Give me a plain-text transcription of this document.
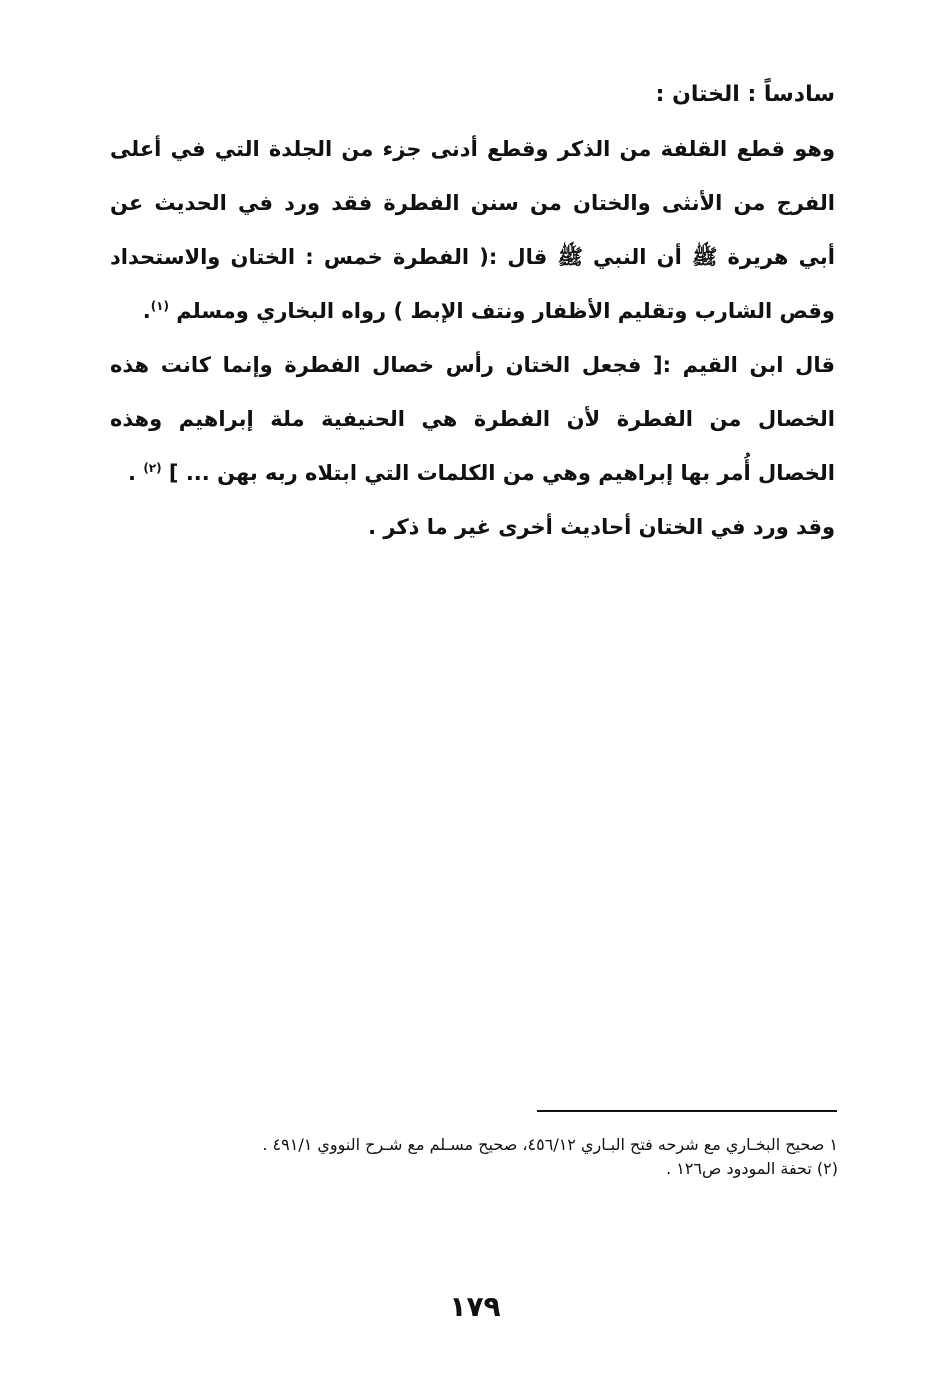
سادساً : الختان :

وهو قطع القلفة من الذكر وقطع أدنى جزء من الجلدة التي في أعلى الفرج من الأنثى والختان من سنن الفطرة فقد ورد في الحديث عن أبي هريرة ﷺ أن النبي ﷺ قال :( الفطرة خمس : الختان والاستحداد وقص الشارب وتقليم الأظفار ونتف الإبط ) رواه البخاري ومسلم $^{(١)}$.

قال ابن القيم :[ فجعل الختان رأس خصال الفطرة وإنما كانت هذه الخصال من الفطرة لأن الفطرة هي الحنيفية ملة إبراهيم وهذه الخصال أُمر بها إبراهيم وهي من الكلمات التي ابتلاه ربه بهن ... ] $^{(٢)}$ .

وقد ورد في الختان أحاديث أخرى غير ما ذكر .

١ صحيح البخـاري مع شرحه فتح البـاري ٤٥٦/١٢، صحيح مسـلم مع شـرح النووي ٤٩١/١ .

(٢) تحفة المودود ص١٢٦ .

١٧٩
